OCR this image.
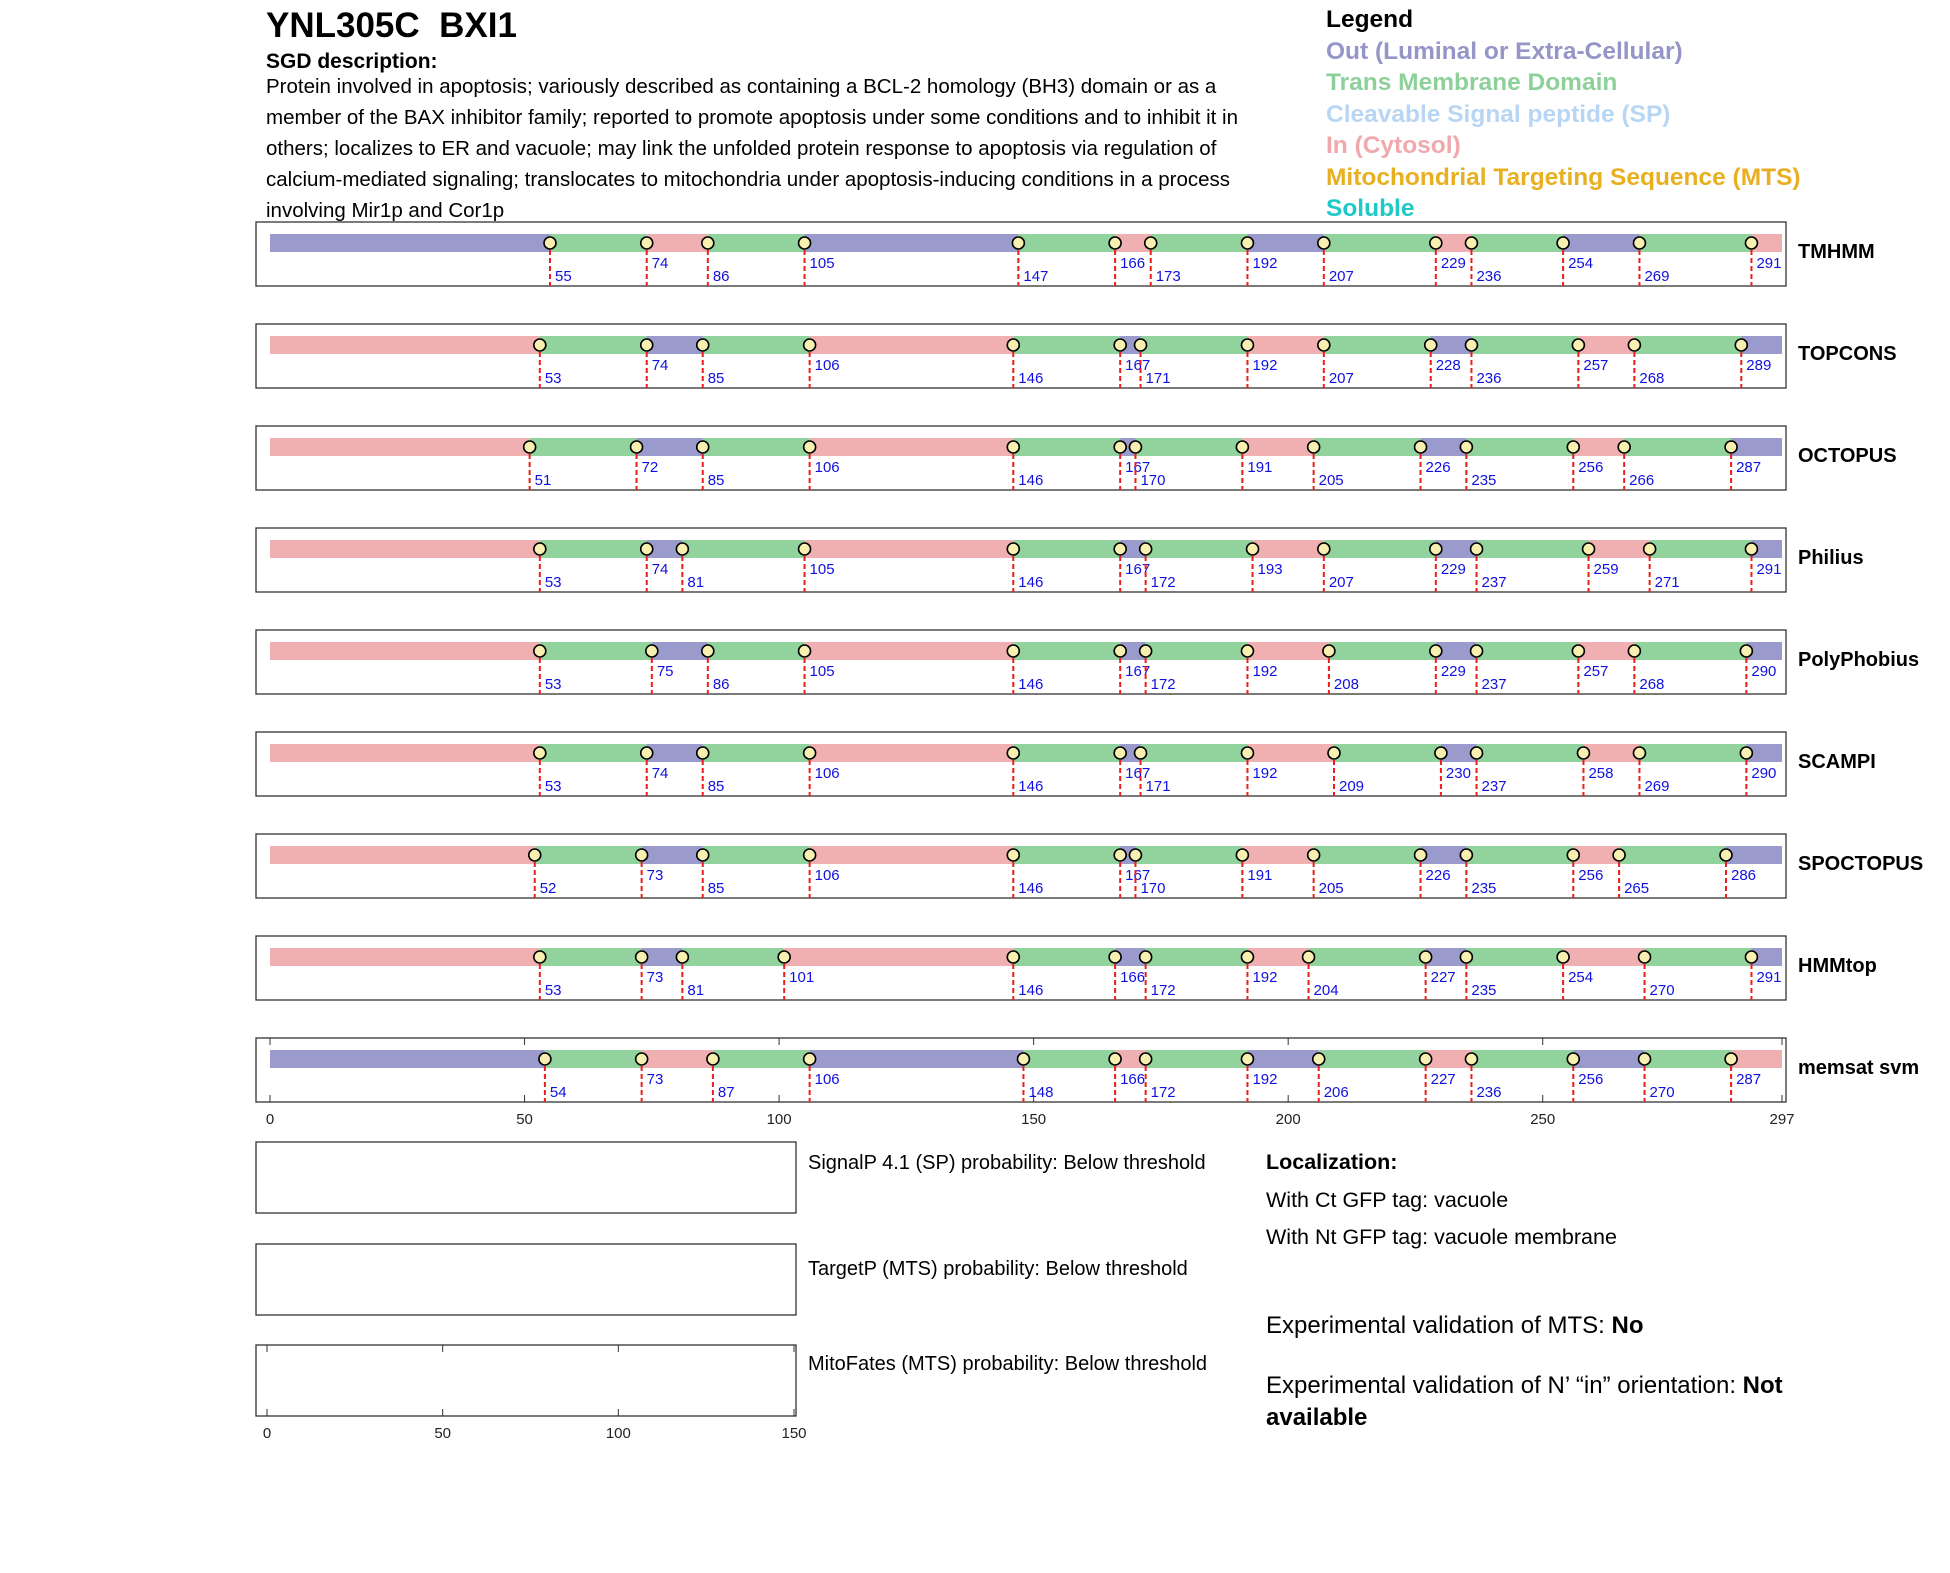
YNL305C  BXI1
SGD description:
Protein involved in apoptosis; variously described as containing a BCL-2 homology (BH3) domain or as a member of the BAX inhibitor family; reported to promote apoptosis under some conditions and to inhibit it in others; localizes to ER and vacuole; may link the unfolded protein response to apoptosis via regulation of calcium-mediated signaling; translocates to mitochondria under apoptosis-inducing conditions in a process involving Mir1p and Cor1p
Legend
Out (Luminal or Extra-Cellular)
Trans Membrane Domain
Cleavable Signal peptide (SP)
In (Cytosol)
Mitochondrial Targeting Sequence (MTS)
Soluble
55
74
86
105
147
166
173
192
207
229
236
254
269
291
TMHMM
53
74
85
106
146
167
171
192
207
228
236
257
268
289
TOPCONS
51
72
85
106
146
167
170
191
205
226
235
256
266
287
OCTOPUS
53
74
81
105
146
167
172
193
207
229
237
259
271
291
Philius
53
75
86
105
146
167
172
192
208
229
237
257
268
290
PolyPhobius
53
74
85
106
146
167
171
192
209
230
237
258
269
290
SCAMPI
52
73
85
106
146
167
170
191
205
226
235
256
265
286
SPOCTOPUS
53
73
81
101
146
166
172
192
204
227
235
254
270
291
HMMtop
0	50	100	150	200	250	297
54
73
87
106
148
166
172
192
206
227
236
256
270
287
memsat svm
0	50	100	150
SignalP 4.1 (SP) probability: Below threshold
TargetP (MTS) probability: Below threshold
MitoFates (MTS) probability: Below threshold
Localization:
With Ct GFP tag: vacuole
With Nt GFP tag: vacuole membrane
Experimental validation of MTS: No
Experimental validation of N’ “in” orientation: Not available
